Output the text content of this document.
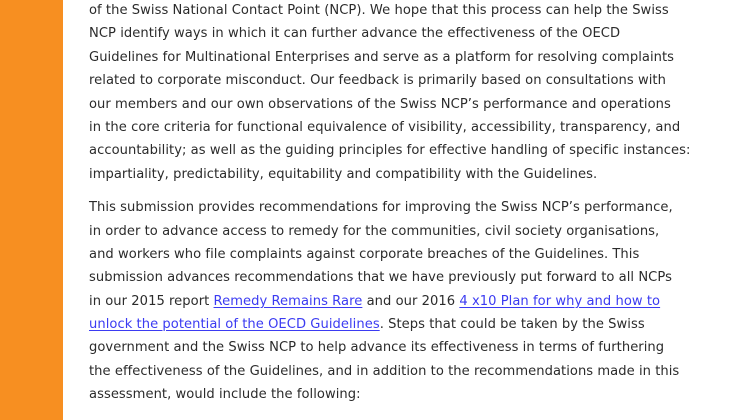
of the Swiss National Contact Point (NCP). We hope that this process can help the Swiss
NCP identify ways in which it can further advance the effectiveness of the OECD
Guidelines for Multinational Enterprises and serve as a platform for resolving complaints
related to corporate misconduct. Our feedback is primarily based on consultations with
our members and our own observations of the Swiss NCP’s performance and operations
in the core criteria for functional equivalence of visibility, accessibility, transparency, and
accountability; as well as the guiding principles for effective handling of specific instances:
impartiality, predictability, equitability and compatibility with the Guidelines.

This submission provides recommendations for improving the Swiss NCP’s performance,
in order to advance access to remedy for the communities, civil society organisations,
and workers who file complaints against corporate breaches of the Guidelines. This
submission advances recommendations that we have previously put forward to all NCPs
in our 2015 report Remedy Remains Rare and our 2016 4 x10 Plan for why and how to
unlock the potential of the OECD Guidelines. Steps that could be taken by the Swiss
government and the Swiss NCP to help advance its effectiveness in terms of furthering
the effectiveness of the Guidelines, and in addition to the recommendations made in this
assessment, would include the following:
